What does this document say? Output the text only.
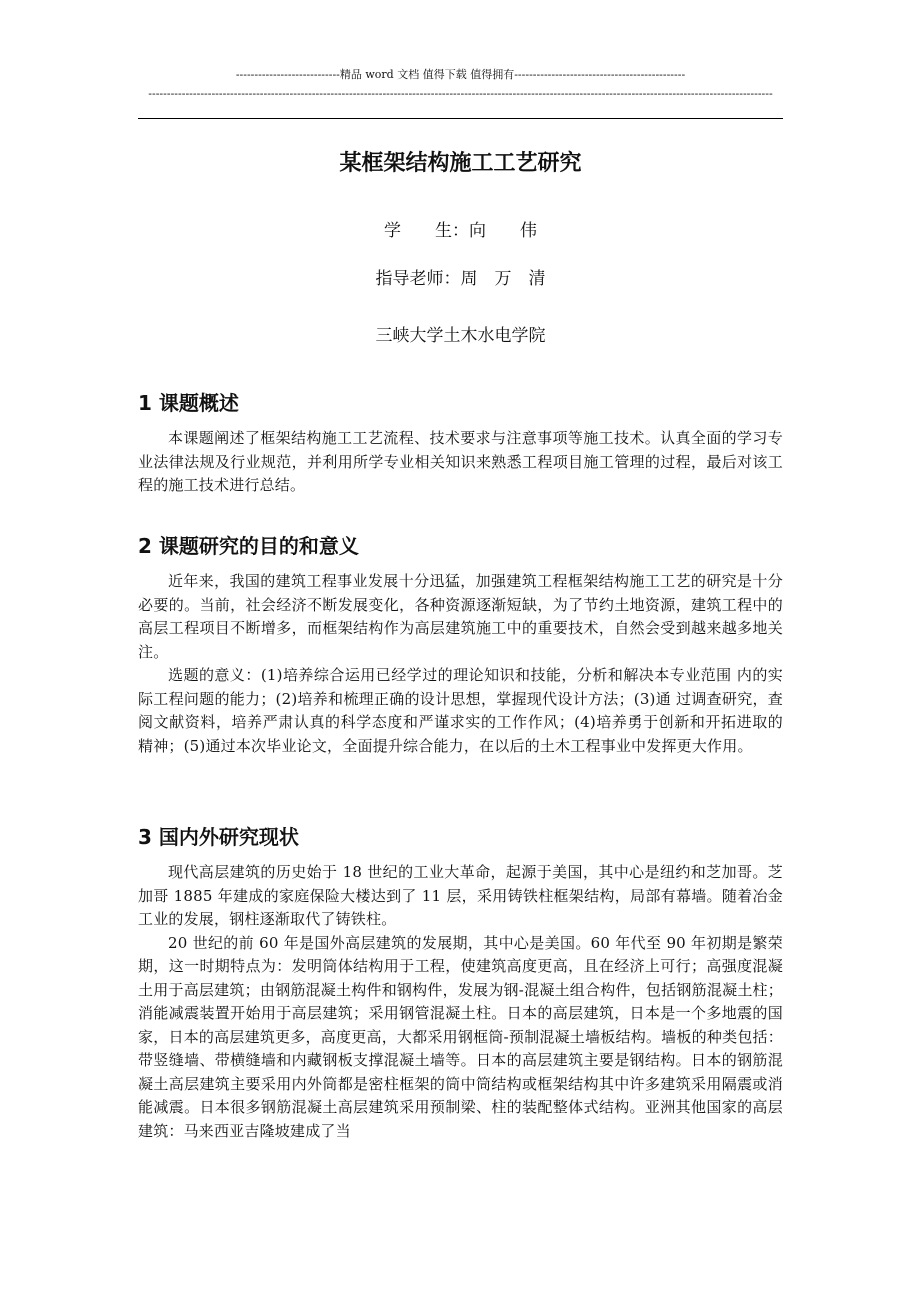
----------------------------精品 word 文档 值得下载 值得拥有----------------------------------------------
------------------------------------------------------------------------------------------------------------------------------------------------------------------------
某框架结构施工工艺研究
学　　生：向　　伟
指导老师：周　万　清
三峡大学土木水电学院
1 课题概述

本课题阐述了框架结构施工工艺流程、技术要求与注意事项等施工技术。认真全面的学习专业法律法规及行业规范，并利用所学专业相关知识来熟悉工程项目施工管理的过程，最后对该工程的施工技术进行总结。

2 课题研究的目的和意义

近年来，我国的建筑工程事业发展十分迅猛，加强建筑工程框架结构施工工艺的研究是十分必要的。当前，社会经济不断发展变化，各种资源逐渐短缺，为了节约土地资源，建筑工程中的 高层工程项目不断增多，而框架结构作为高层建筑施工中的重要技术，自然会受到越来越多地关注。

选题的意义：(1)培养综合运用已经学过的理论知识和技能，分析和解决本专业范围 内的实际工程问题的能力；(2)培养和梳理正确的设计思想，掌握现代设计方法；(3)通 过调查研究，查阅文献资料，培养严肃认真的科学态度和严谨求实的工作作风；(4)培养勇于创新和开拓进取的精神；(5)通过本次毕业论文，全面提升综合能力，在以后的土木工程事业中发挥更大作用。

3 国内外研究现状

现代高层建筑的历史始于 18 世纪的工业大革命，起源于美国，其中心是纽约和芝加哥。芝加哥 1885 年建成的家庭保险大楼达到了 11 层，采用铸铁柱框架结构，局部有幕墙。随着冶金工业的发展，钢柱逐渐取代了铸铁柱。

20 世纪的前 60 年是国外高层建筑的发展期，其中心是美国。60 年代至 90 年初期是繁荣期，这一时期特点为：发明筒体结构用于工程，使建筑高度更高，且在经济上可行；高强度混凝土用于高层建筑；由钢筋混凝土构件和钢构件，发展为钢-混凝土组合构件，包括钢筋混凝土柱；消能减震装置开始用于高层建筑；采用钢管混凝土柱。日本的高层建筑，日本是一个多地震的国家，日本的高层建筑更多，高度更高，大都采用钢框筒-预制混凝土墙板结构。墙板的种类包括：带竖缝墙、带横缝墙和内藏钢板支撑混凝土墙等。日本的高层建筑主要是钢结构。日本的钢筋混凝土高层建筑主要采用内外筒都是密柱框架的筒中筒结构或框架结构其中许多建筑采用隔震或消能减震。日本很多钢筋混凝土高层建筑采用预制梁、柱的装配整体式结构。亚洲其他国家的高层建筑：马来西亚吉隆坡建成了当
